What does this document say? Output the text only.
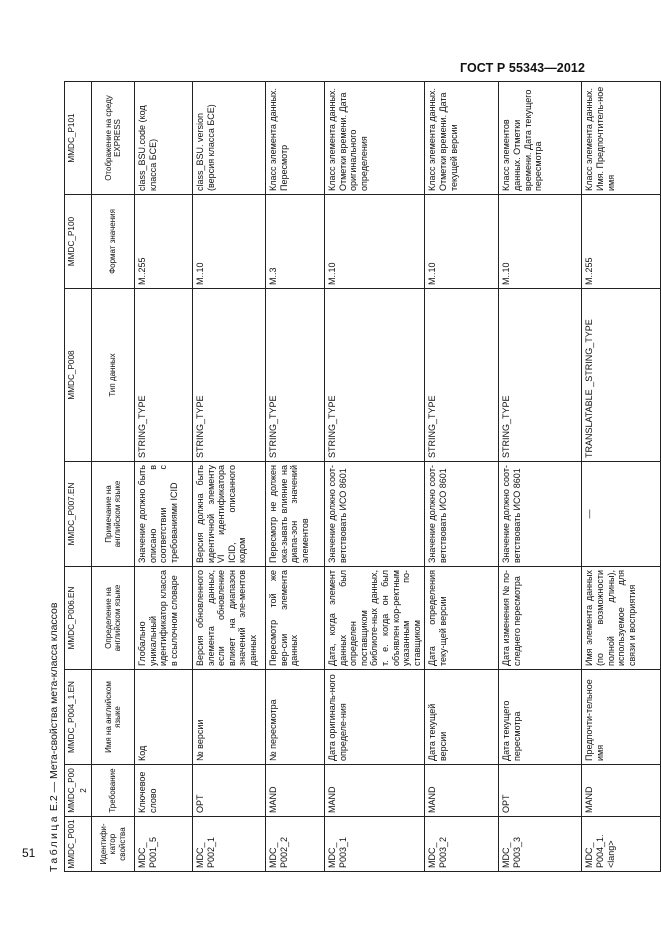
ГОСТ Р 55343—2012
Таблица Е.2 — Мета-свойства мета-класса классов
MMDC_P001	MMDC_P002	MMDC_P004_1.EN	MMDC_P006.EN	MMDC_P007.EN	MMDC_P008	MMDC_P100	MMDC_P101
Идентифи-катор свойства	Требование	Имя на английском языке	Определение на английском языке	Примечание на английском языке	Тип данных	Формат значения	Отображение на среду EXPRESS
MDC_ P001_5	Ключевое слово	Код	Глобально уникальный идентификатор класса в ссылочном словаре	Значение должно быть описано в соответствии с требованиями ICID	STRING_TYPE	M..255	class_BSU.code (код класса БСЕ)
MDC_ P002_1	OPT	№ версии	Версия обновленного элемента данных, если обновление влияет на диапазон значений эле-ментов данных	Версия должна быть идентичной элементу VI идентификатора ICID, описанного кодом	STRING_TYPE	M..10	class_BSU. version (версия класса БСЕ)
MDC_ P002_2	MAND	№ пересмотра	Пересмотр той же вер-сии элемента данных	Пересмотр не должен ока-зывать влияние на диапа-зон значений элементов	STRING_TYPE	M..3	Класс элемента данных. Пересмотр
MDC_ P003_1	MAND	Дата оригиналь-ного определе-ния	Дата, когда элемент данных был определен поставщиком библиоте-ных данных, т. е. когда он был объявлен кор-ректным указанным по-ставщиком	Значение должно соот-ветствовать ИСО 8601	STRING_TYPE	M..10	Класс элемента данных. Отметки времени. Дата оригинального определения
MDC_ P003_2	MAND	Дата текущей версии	Дата определения теку-щей версии	Значение должно соот-ветствовать ИСО 8601	STRING_TYPE	M..10	Класс элемента данных. Отметки времени. Дата текущей версии
MDC_ P003_3	OPT	Дата текущего пересмотра	Дата изменения № по-следнего пересмотра	Значение должно соот-ветствовать ИСО 8601	STRING_TYPE	M..10	Класс элементов данных. Отметки времени. Дата текущего пересмотра
MDC_ P004_1. <lang>	MAND	Предпочти-тельное имя	Имя элемента данных (по возможности полной длины), используемое для связи и восприятия	—	TRANSLATABLE _STRING_TYPE	M..255	Класс элемента данных. Имя. Предпочтитель-ное имя
51
